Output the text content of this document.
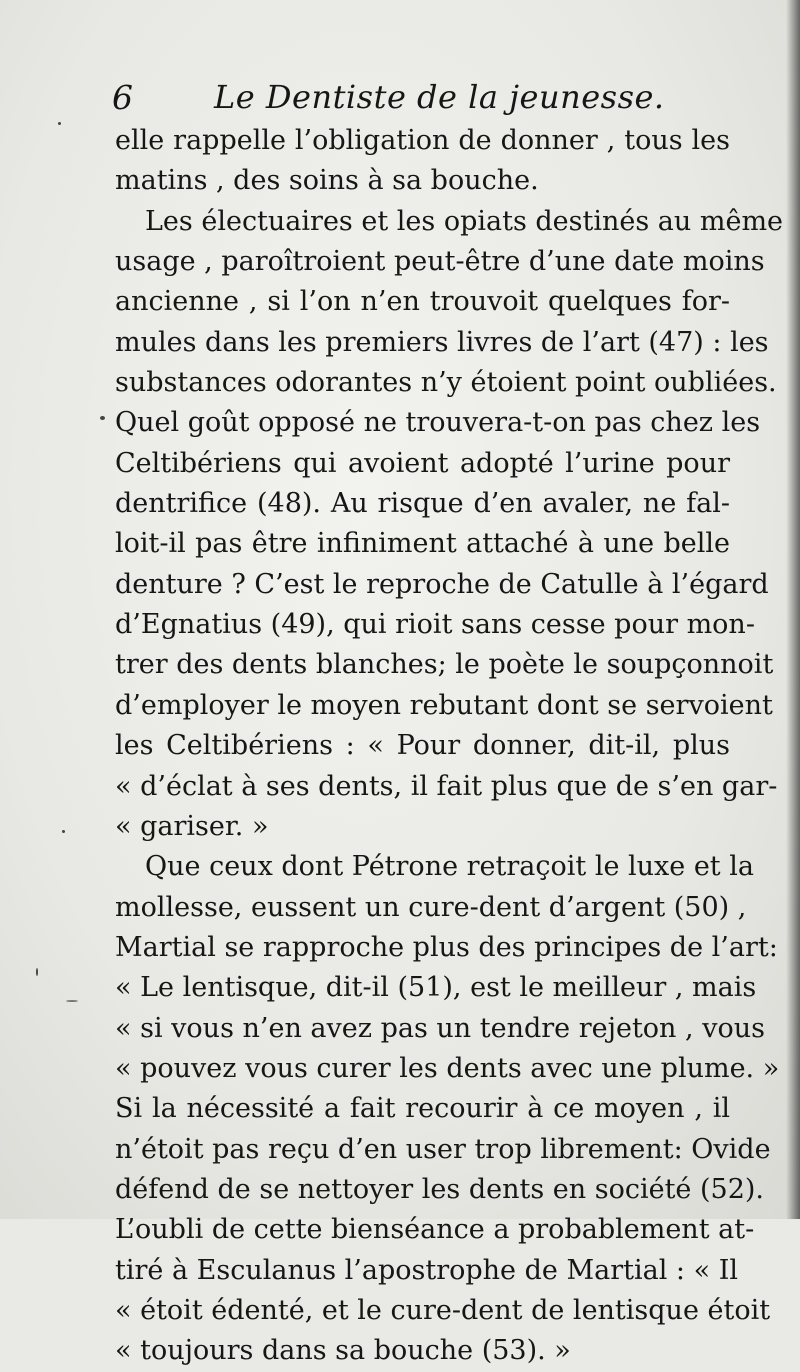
6	Le Dentiste de la jeunesse.
elle rappelle l’obligation de donner , tous les
matins , des soins à sa bouche.
Les électuaires et les opiats destinés au même
usage , paroîtroient peut-être d’une date moins
ancienne , si l’on n’en trouvoit quelques for-
mules dans les premiers livres de l’art (47) : les
substances odorantes n’y étoient point oubliées.
Quel goût opposé ne trouvera-t-on pas chez les
Celtibériens qui avoient adopté l’urine pour
dentrifice (48). Au risque d’en avaler, ne fal-
loit-il pas être infiniment attaché à une belle
denture ? C’est le reproche de Catulle à l’égard
d’Egnatius (49), qui rioit sans cesse pour mon-
trer des dents blanches; le poète le soupçonnoit
d’employer le moyen rebutant dont se servoient
les Celtibériens : « Pour donner, dit-il, plus
« d’éclat à ses dents, il fait plus que de s’en gar-
« gariser. »
Que ceux dont Pétrone retraçoit le luxe et la
mollesse, eussent un cure-dent d’argent (50) ,
Martial se rapproche plus des principes de l’art:
« Le lentisque, dit-il (51), est le meilleur , mais
« si vous n’en avez pas un tendre rejeton , vous
« pouvez vous curer les dents avec une plume. »
Si la nécessité a fait recourir à ce moyen , il
n’étoit pas reçu d’en user trop librement: Ovide
défend de se nettoyer les dents en société (52).
L’oubli de cette bienséance a probablement at-
tiré à Esculanus l’apostrophe de Martial : « Il
« étoit édenté, et le cure-dent de lentisque étoit
« toujours dans sa bouche (53). »
